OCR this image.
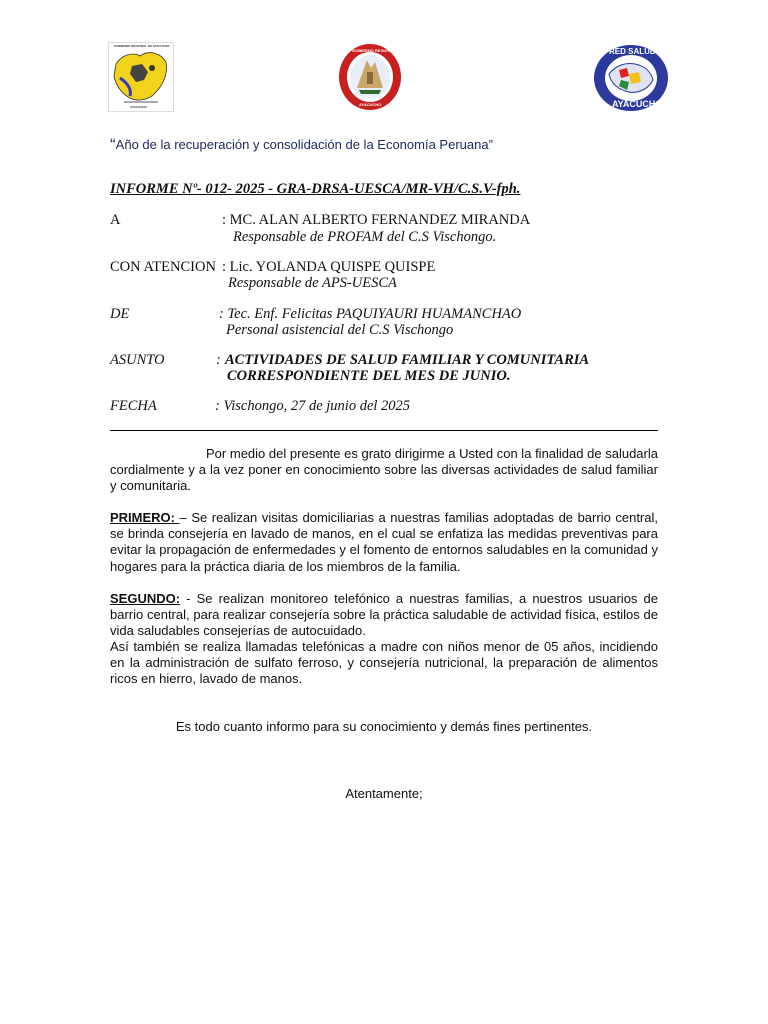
GOBIERNO REGIONAL DE AYACUCHO
AYACUCHO
GOBIERNO REGIONAL
AYACUCHO
RED SALUD CENTRO
AYACUCHO
“Año de la recuperación y consolidación de la Economía Peruana”
INFORME Nº- 012- 2025 - GRA-DRSA-UESCA/MR-VH/C.S.V-fph.
A	: MC. ALAN ALBERTO FERNANDEZ MIRANDA
Responsable de PROFAM del C.S Vischongo.
CON ATENCION : Lic. YOLANDA QUISPE QUISPE
Responsable de APS-UESCA
DE	: Tec. Enf. Felicitas PAQUIYAURI HUAMANCHAO
Personal asistencial del C.S Vischongo
ASUNTO	: ACTIVIDADES DE SALUD FAMILIAR Y COMUNITARIA
CORRESPONDIENTE DEL MES DE JUNIO.
FECHA	: Vischongo, 27 de junio del 2025
Por medio del presente es grato dirigirme a Usted con la finalidad de saludarla cordialmente y a la vez poner en conocimiento sobre las diversas actividades de salud familiar y comunitaria.
PRIMERO: – Se realizan visitas domiciliarias a nuestras familias adoptadas de barrio central, se brinda consejería en lavado de manos, en el cual se enfatiza las medidas preventivas para evitar la propagación de enfermedades y el fomento de entornos saludables en la comunidad y hogares para la práctica diaria de los miembros de la familia.
SEGUNDO: - Se realizan monitoreo telefónico a nuestras familias, a nuestros usuarios de barrio central, para realizar consejería sobre la práctica saludable de actividad física, estilos de vida saludables consejerías de autocuidado.
Así también se realiza llamadas telefónicas a madre con niños menor de 05 años, incidiendo en la administración de sulfato ferroso, y consejería nutricional, la preparación de alimentos ricos en hierro, lavado de manos.
Es todo cuanto informo para su conocimiento y demás fines pertinentes.
Atentamente;
